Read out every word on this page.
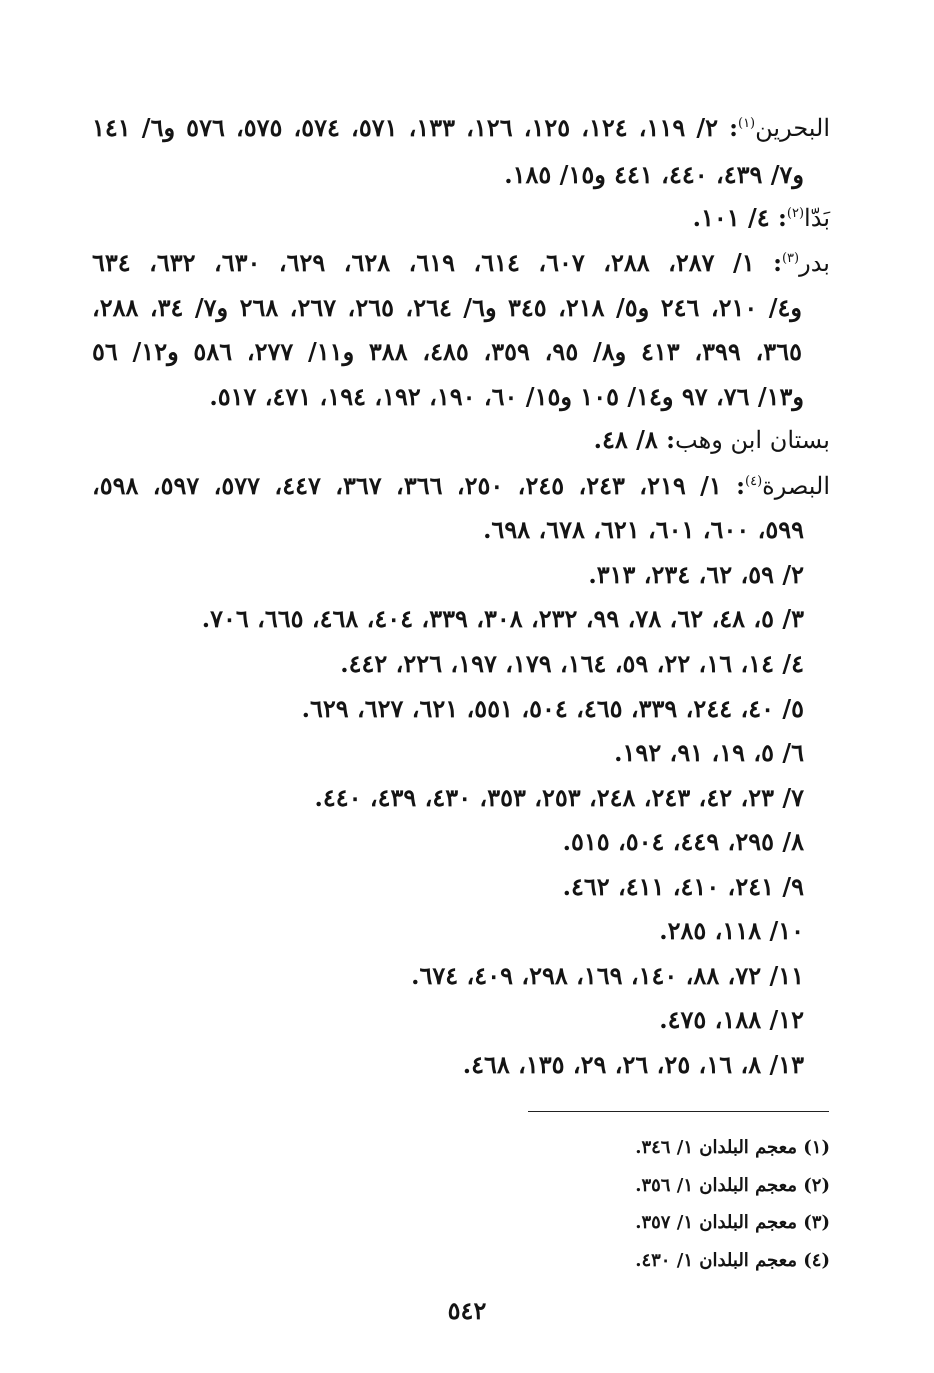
البحرين$^{(١)}$: ٢/ ١١٩، ١٢٤، ١٢٥، ١٢٦، ١٣٣، ٥٧١، ٥٧٤، ٥٧٥، ٥٧٦ و٦/ ١٤١
و٧/ ٤٣٩، ٤٤٠، ٤٤١ و١٥/ ١٨٥.
بَدّا$^{(٢)}$: ٤/ ١٠١.
بدر$^{(٣)}$: ١/ ٢٨٧، ٢٨٨، ٦٠٧، ٦١٤، ٦١٩، ٦٢٨، ٦٢٩، ٦٣٠، ٦٣٢، ٦٣٤
و٤/ ٢١٠، ٢٤٦ و٥/ ٢١٨، ٣٤٥ و٦/ ٢٦٤، ٢٦٥، ٢٦٧، ٢٦٨ و٧/ ٣٤، ٢٨٨،
٣٦٥، ٣٩٩، ٤١٣ و٨/ ٩٥، ٣٥٩، ٤٨٥، ٣٨٨ و١١/ ٢٧٧، ٥٨٦ و١٢/ ٥٦
و١٣/ ٧٦، ٩٧ و١٤/ ١٠٥ و١٥/ ٦٠، ١٩٠، ١٩٢، ١٩٤، ٤٧١، ٥١٧.
بستان ابن وهب: ٨/ ٤٨.
البصرة$^{(٤)}$: ١/ ٢١٩، ٢٤٣، ٢٤٥، ٢٥٠، ٣٦٦، ٣٦٧، ٤٤٧، ٥٧٧، ٥٩٧، ٥٩٨،
٥٩٩، ٦٠٠، ٦٠١، ٦٢١، ٦٧٨، ٦٩٨.
٢/ ٥٩، ٦٢، ٢٣٤، ٣١٣.
٣/ ٥، ٤٨، ٦٢، ٧٨، ٩٩، ٢٣٢، ٣٠٨، ٣٣٩، ٤٠٤، ٤٦٨، ٦٦٥، ٧٠٦.
٤/ ١٤، ١٦، ٢٢، ٥٩، ١٦٤، ١٧٩، ١٩٧، ٢٢٦، ٤٤٢.
٥/ ٤٠، ٢٤٤، ٣٣٩، ٤٦٥، ٥٠٤، ٥٥١، ٦٢١، ٦٢٧، ٦٢٩.
٦/ ٥، ١٩، ٩١، ١٩٢.
٧/ ٢٣، ٤٢، ٢٤٣، ٢٤٨، ٢٥٣، ٣٥٣، ٤٣٠، ٤٣٩، ٤٤٠.
٨/ ٢٩٥، ٤٤٩، ٥٠٤، ٥١٥.
٩/ ٢٤١، ٤١٠، ٤١١، ٤٦٢.
١٠/ ١١٨، ٢٨٥.
١١/ ٧٢، ٨٨، ١٤٠، ١٦٩، ٢٩٨، ٤٠٩، ٦٧٤.
١٢/ ١٨٨، ٤٧٥.
١٣/ ٨، ١٦، ٢٥، ٢٦، ٢٩، ١٣٥، ٤٦٨.
(١) معجم البلدان ١/ ٣٤٦.
(٢) معجم البلدان ١/ ٣٥٦.
(٣) معجم البلدان ١/ ٣٥٧.
(٤) معجم البلدان ١/ ٤٣٠.
٥٤٢
